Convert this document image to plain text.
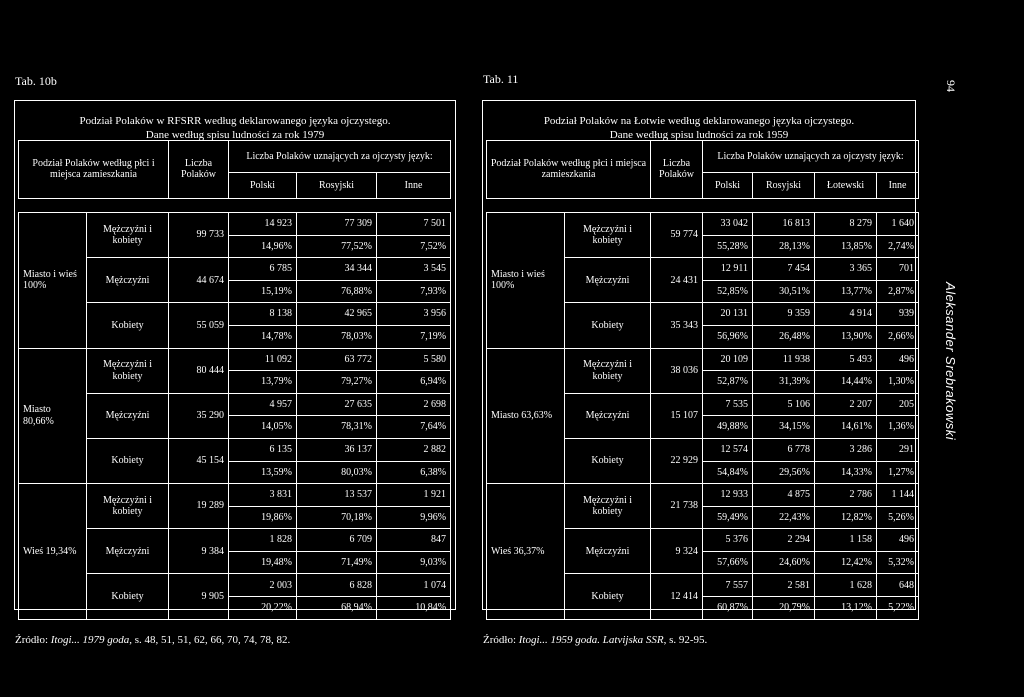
Tab. 10b	Tab. 11	94
Aleksander Srebrakowski
Podział Polaków w RFSRR według deklarowanego języka ojczystego.
Dane według spisu ludności za rok 1979
Podział Polaków według płci i miejsca zamieszkania		Liczba Polaków	Liczba Polaków uznających za ojczysty język:		
			Polski	Rosyjski	Inne

Miasto i wieś 100%	Mężczyźni i kobiety	99 733	14 923	77 309	7 501
			14,96%	77,52%	7,52%
	Mężczyźni	44 674	6 785	34 344	3 545
			15,19%	76,88%	7,93%
	Kobiety	55 059	8 138	42 965	3 956
			14,78%	78,03%	7,19%
Miasto 80,66%	Mężczyźni i kobiety	80 444	11 092	63 772	5 580
			13,79%	79,27%	6,94%
	Mężczyźni	35 290	4 957	27 635	2 698
			14,05%	78,31%	7,64%
	Kobiety	45 154	6 135	36 137	2 882
			13,59%	80,03%	6,38%
Wieś 19,34%	Mężczyźni i kobiety	19 289	3 831	13 537	1 921
			19,86%	70,18%	9,96%
	Mężczyźni	9 384	1 828	6 709	847
			19,48%	71,49%	9,03%
	Kobiety	9 905	2 003	6 828	1 074
			20,22%	68,94%	10,84%
Źródło: Itogi... 1979 goda, s. 48, 51, 51, 62, 66, 70, 74, 78, 82.
Podział Polaków na Łotwie według deklarowanego języka ojczystego.
Dane według spisu ludności za rok 1959
Podział Polaków według płci i miejsca zamieszkania		Liczba Polaków	Liczba Polaków uznających za ojczysty język:			
			Polski	Rosyjski	Łotewski	Inne

Miasto i wieś 100%	Mężczyźni i kobiety	59 774	33 042	16 813	8 279	1 640
			55,28%	28,13%	13,85%	2,74%
	Mężczyźni	24 431	12 911	7 454	3 365	701
			52,85%	30,51%	13,77%	2,87%
	Kobiety	35 343	20 131	9 359	4 914	939
			56,96%	26,48%	13,90%	2,66%
Miasto 63,63%	Mężczyźni i kobiety	38 036	20 109	11 938	5 493	496
			52,87%	31,39%	14,44%	1,30%
	Mężczyźni	15 107	7 535	5 106	2 207	205
			49,88%	34,15%	14,61%	1,36%
	Kobiety	22 929	12 574	6 778	3 286	291
			54,84%	29,56%	14,33%	1,27%
Wieś 36,37%	Mężczyźni i kobiety	21 738	12 933	4 875	2 786	1 144
			59,49%	22,43%	12,82%	5,26%
	Mężczyźni	9 324	5 376	2 294	1 158	496
			57,66%	24,60%	12,42%	5,32%
	Kobiety	12 414	7 557	2 581	1 628	648
			60,87%	20,79%	13,12%	5,22%
Źródło: Itogi... 1959 goda. Latvijska SSR, s. 92-95.
